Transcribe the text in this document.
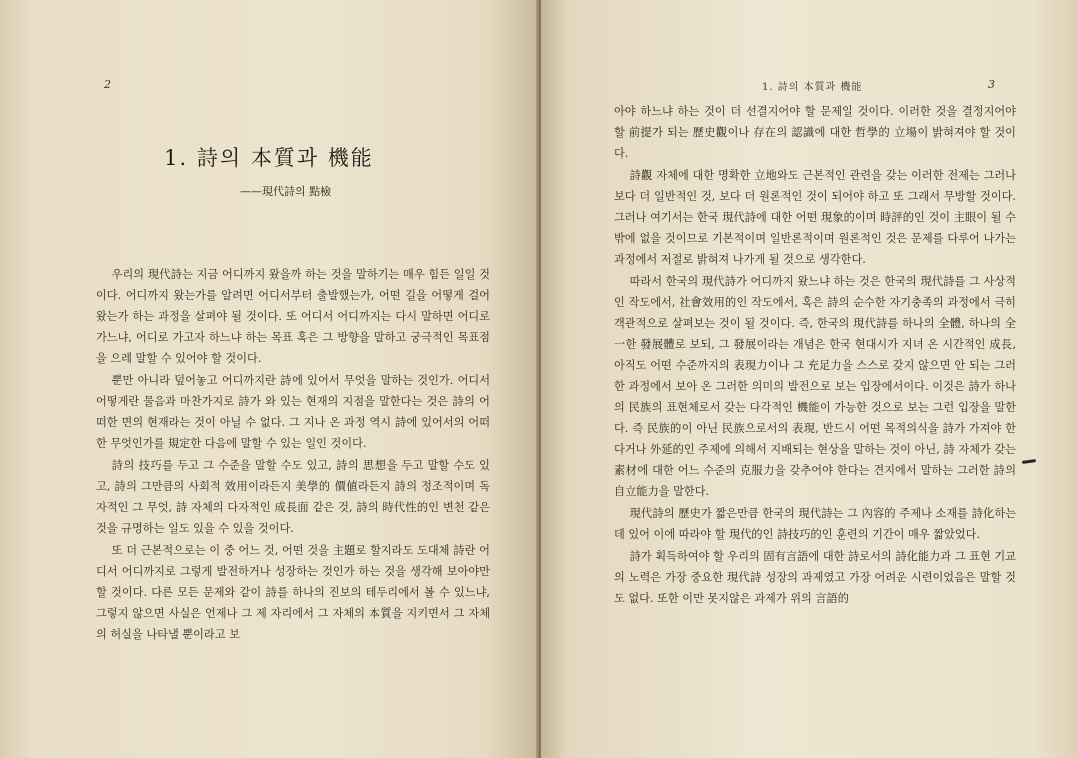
2
1. 詩의 本質과 機能
——現代詩의 點檢

우리의 現代詩는 지금 어디까지 왔을까 하는 것을 말하기는 매우 힘든 일일 것이다. 어디까지 왔는가를 알려면 어디서부터 출발했는가, 어떤 길을 어떻게 걸어 왔는가 하는 과정을 살펴야 될 것이다. 또 어디서 어디까지는 다시 말하면 어디로 가느냐, 어디로 가고자 하느냐 하는 목표 혹은 그 방향을 말하고 궁극적인 목표점을 으레 말할 수 있어야 할 것이다.

뿐만 아니라 덮어놓고 어디까지란 詩에 있어서 무엇을 말하는 것인가. 어디서 어떻게란 물음과 마찬가지로 詩가 와 있는 현재의 지점을 말한다는 것은 詩의 어떠한 면의 현재라는 것이 아닐 수 없다. 그 지나 온 과정 역시 詩에 있어서의 어떠한 무엇인가를 規定한 다음에 말할 수 있는 일인 것이다.

詩의 技巧를 두고 그 수준을 말할 수도 있고, 詩의 思想을 두고 말할 수도 있고, 詩의 그만큼의 사회적 效用이라든지 美學的 價値라든지 詩의 정조적이며 독자적인 그 무엇, 詩 자체의 다자적인 成長面 같은 것, 詩의 時代性的인 변천 같은 것을 규명하는 일도 있을 수 있을 것이다.

또 더 근본적으로는 이 중 어느 것, 어떤 것을 主題로 할지라도 도대체 詩란 어디서 어디까지로 그렇게 발전하거나 성장하는 것인가 하는 것을 생각해 보아야만 할 것이다. 다른 모든 문제와 같이 詩를 하나의 진보의 테두리에서 볼 수 있느냐, 그렇지 않으면 사실은 언제나 그 제 자리에서 그 자체의 本質을 지키면서 그 자체의 허실을 나타낼 뿐이라고 보

1. 詩의 本質과 機能	3

아야 하느냐 하는 것이 더 선결지어야 할 문제일 것이다. 이러한 것을 결정지어야 할 前提가 되는 歷史觀이나 存在의 認識에 대한 哲學的 立場이 밝혀져야 할 것이다.

詩觀 자체에 대한 명확한 立地와도 근본적인 관련을 갖는 이러한 전제는 그러나 보다 더 일반적인 것, 보다 더 원론적인 것이 되어야 하고 또 그래서 무방할 것이다. 그러나 여기서는 한국 現代詩에 대한 어떤 現象的이며 時評的인 것이 主眼이 될 수밖에 없을 것이므로 기본적이며 일반론적이며 원론적인 것은 문제를 다루어 나가는 과정에서 저절로 밝혀져 나가게 될 것으로 생각한다.

따라서 한국의 現代詩가 어디까지 왔느냐 하는 것은 한국의 現代詩를 그 사상적인 작도에서, 社會效用的인 작도에서, 혹은 詩의 순수한 자기충족의 과정에서 극히 객관적으로 살펴보는 것이 될 것이다. 즉, 한국의 現代詩를 하나의 全體, 하나의 全一한 發展體로 보되, 그 發展이라는 개념은 한국 현대시가 지녀 온 시간적인 成長, 아직도 어떤 수준까지의 表現力이나 그 充足力을 스스로 갖지 않으면 안 되는 그러한 과정에서 보아 온 그러한 의미의 발전으로 보는 입장에서이다. 이것은 詩가 하나의 民族의 표현체로서 갖는 다각적인 機能이 가능한 것으로 보는 그런 입장을 말한다. 즉 民族的이 아닌 民族으로서의 表現, 반드시 어떤 목적의식을 詩가 가져야 한다거나 外延的인 주제에 의해서 지배되는 현상을 말하는 것이 아닌, 詩 자체가 갖는 素材에 대한 어느 수준의 克服力을 갖추어야 한다는 견지에서 말하는 그러한 詩의 自立能力을 말한다.

現代詩의 歷史가 짧은만큼 한국의 現代詩는 그 內容的 주제나 소재를 詩化하는 데 있어 이에 따라야 할 現代的인 詩技巧的인 훈련의 기간이 매우 짧았었다.

詩가 획득하여야 할 우리의 固有言語에 대한 詩로서의 詩化能力과 그 표현 기교의 노력은 가장 중요한 現代詩 성장의 과제였고 가장 어려운 시련이었음은 말할 것도 없다. 또한 이만 못지않은 과제가 위의 言語的
